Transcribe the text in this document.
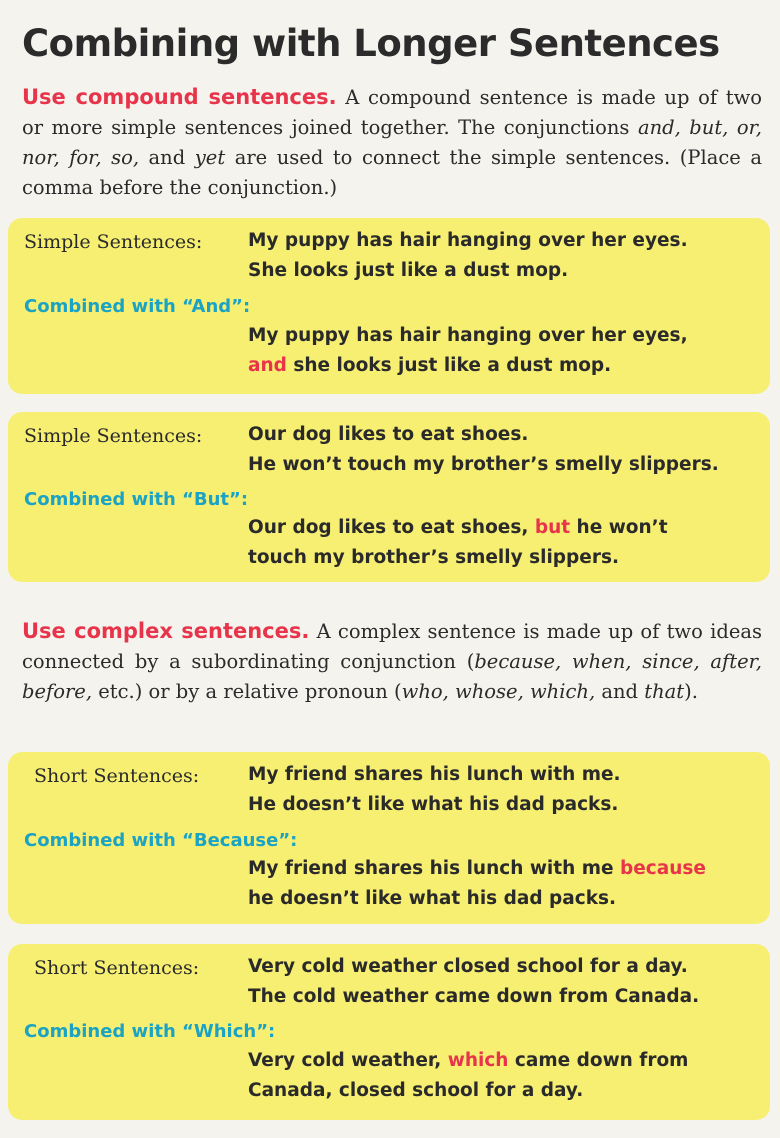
Combining with Longer Sentences

Use compound sentences. A compound sentence is made up of two or more simple sentences joined together. The conjunctions and, but, or, nor, for, so, and yet are used to connect the simple sentences. (Place a comma before the conjunction.)

Simple Sentences: My puppy has hair hanging over her eyes.
She looks just like a dust mop.
Combined with “And”:
My puppy has hair hanging over her eyes,
and she looks just like a dust mop.
Simple Sentences: Our dog likes to eat shoes.
He won’t touch my brother’s smelly slippers.
Combined with “But”:
Our dog likes to eat shoes, but he won’t
touch my brother’s smelly slippers.

Use complex sentences. A complex sentence is made up of two ideas connected by a subordinating conjunction (because, when, since, after, before, etc.) or by a relative pronoun (who, whose, which, and that).

Short Sentences:	My friend shares his lunch with me.
He doesn’t like what his dad packs.
Combined with “Because”:
My friend shares his lunch with me because
he doesn’t like what his dad packs.
Short Sentences:	Very cold weather closed school for a day.
The cold weather came down from Canada.
Combined with “Which”:
Very cold weather, which came down from
Canada, closed school for a day.
